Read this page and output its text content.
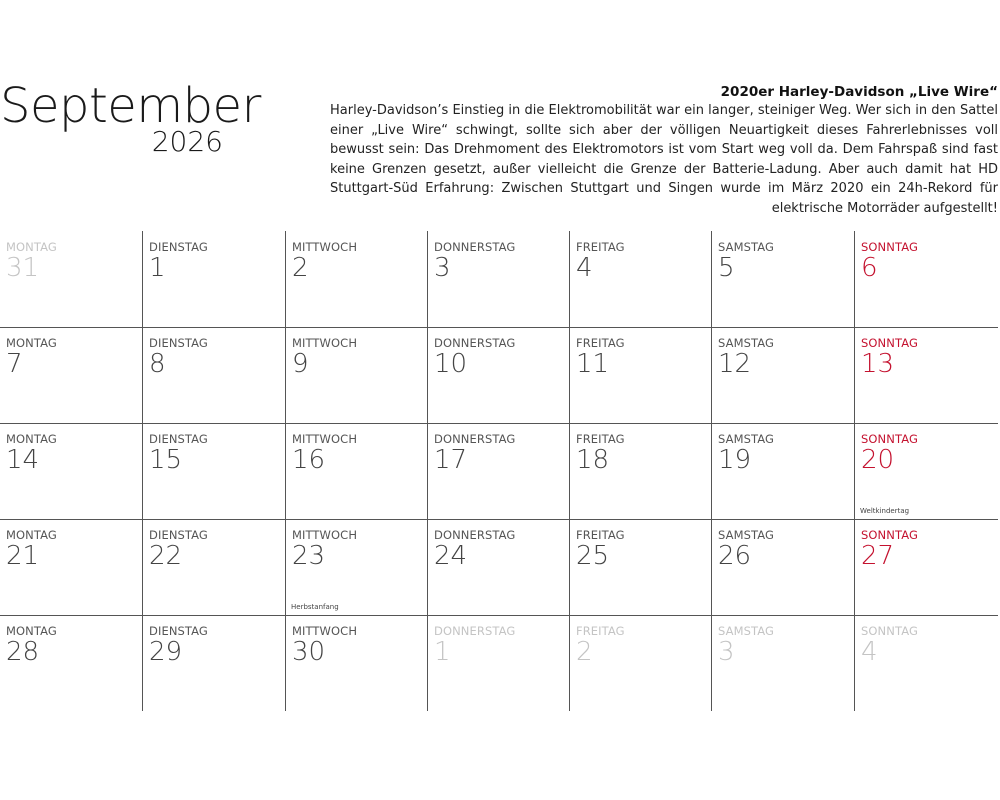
September
2026
2020er Harley-Davidson „Live Wire“
Harley-Davidson’s Einstieg in die Elektromobilität war ein langer, steiniger Weg. Wer sich in den Sattel einer „Live Wire“ schwingt, sollte sich aber der völligen Neuartigkeit dieses Fahrerlebnisses voll bewusst sein: Das Drehmoment des Elektromotors ist vom Start weg voll da. Dem Fahrspaß sind fast keine Grenzen gesetzt, außer vielleicht die Grenze der Batterie-Ladung. Aber auch damit hat HD Stuttgart-Süd Erfahrung: Zwischen Stuttgart und Singen wurde im März 2020 ein 24h-Rekord für elektrische Motorräder aufgestellt!
MONTAG
31
DIENSTAG
1
MITTWOCH
2
DONNERSTAG
3
FREITAG
4
SAMSTAG
5
SONNTAG
6
MONTAG
7
DIENSTAG
8
MITTWOCH
9
DONNERSTAG
10
FREITAG
11
SAMSTAG
12
SONNTAG
13
MONTAG
14
DIENSTAG
15
MITTWOCH
16
DONNERSTAG
17
FREITAG
18
SAMSTAG
19
SONNTAG
20
Weltkindertag
MONTAG
21
DIENSTAG
22
MITTWOCH
23
Herbstanfang
DONNERSTAG
24
FREITAG
25
SAMSTAG
26
SONNTAG
27
MONTAG
28
DIENSTAG
29
MITTWOCH
30
DONNERSTAG
1
FREITAG
2
SAMSTAG
3
SONNTAG
4
